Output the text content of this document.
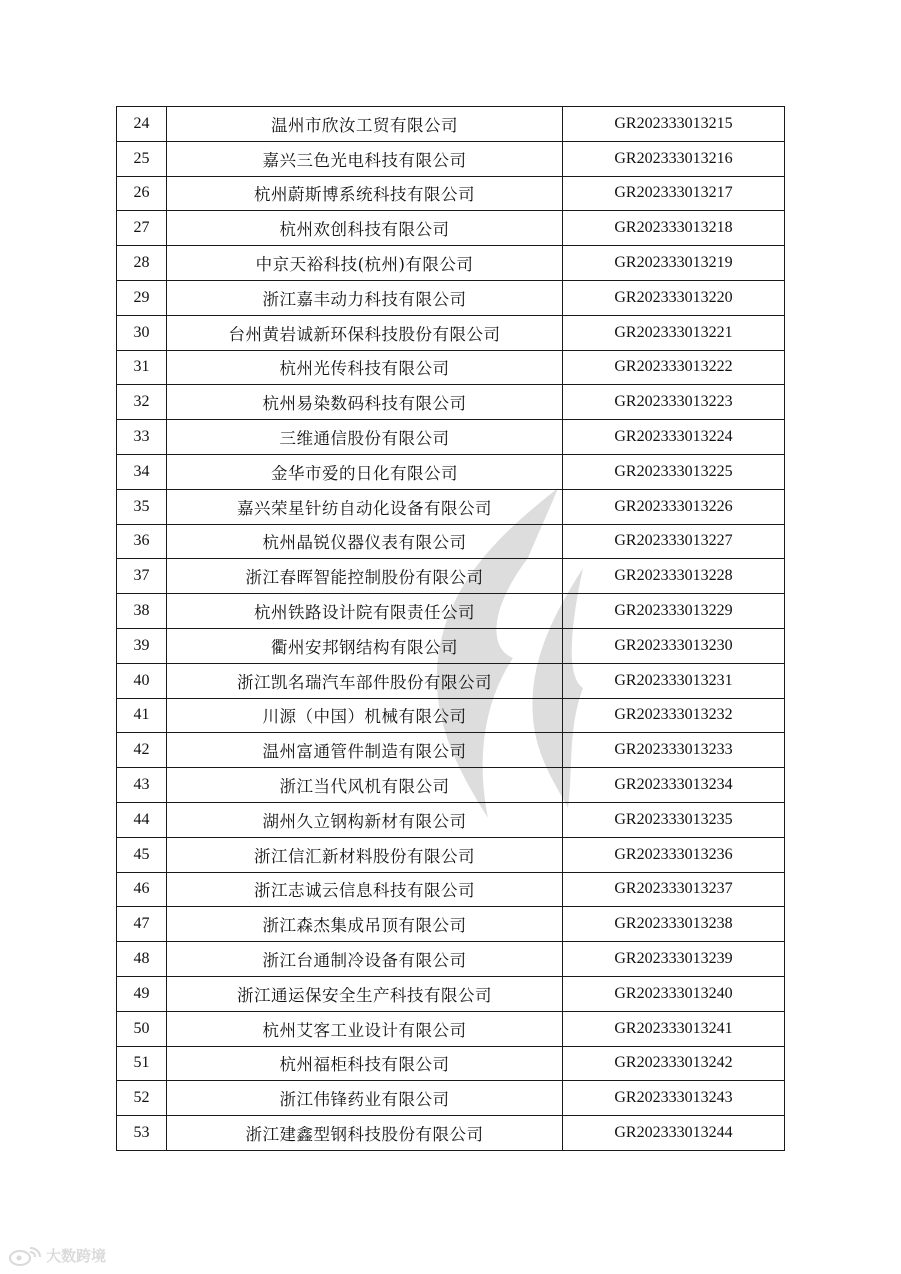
24	温州市欣汝工贸有限公司	GR202333013215
25	嘉兴三色光电科技有限公司	GR202333013216
26	杭州蔚斯博系统科技有限公司	GR202333013217
27	杭州欢创科技有限公司	GR202333013218
28	中京天裕科技(杭州)有限公司	GR202333013219
29	浙江嘉丰动力科技有限公司	GR202333013220
30	台州黄岩诚新环保科技股份有限公司	GR202333013221
31	杭州光传科技有限公司	GR202333013222
32	杭州易染数码科技有限公司	GR202333013223
33	三维通信股份有限公司	GR202333013224
34	金华市爱的日化有限公司	GR202333013225
35	嘉兴荣星针纺自动化设备有限公司	GR202333013226
36	杭州晶锐仪器仪表有限公司	GR202333013227
37	浙江春晖智能控制股份有限公司	GR202333013228
38	杭州铁路设计院有限责任公司	GR202333013229
39	衢州安邦钢结构有限公司	GR202333013230
40	浙江凯名瑞汽车部件股份有限公司	GR202333013231
41	川源（中国）机械有限公司	GR202333013232
42	温州富通管件制造有限公司	GR202333013233
43	浙江当代风机有限公司	GR202333013234
44	湖州久立钢构新材有限公司	GR202333013235
45	浙江信汇新材料股份有限公司	GR202333013236
46	浙江志诚云信息科技有限公司	GR202333013237
47	浙江森杰集成吊顶有限公司	GR202333013238
48	浙江台通制冷设备有限公司	GR202333013239
49	浙江通运保安全生产科技有限公司	GR202333013240
50	杭州艾客工业设计有限公司	GR202333013241
51	杭州福柜科技有限公司	GR202333013242
52	浙江伟锋药业有限公司	GR202333013243
53	浙江建鑫型钢科技股份有限公司	GR202333013244
大数跨境
